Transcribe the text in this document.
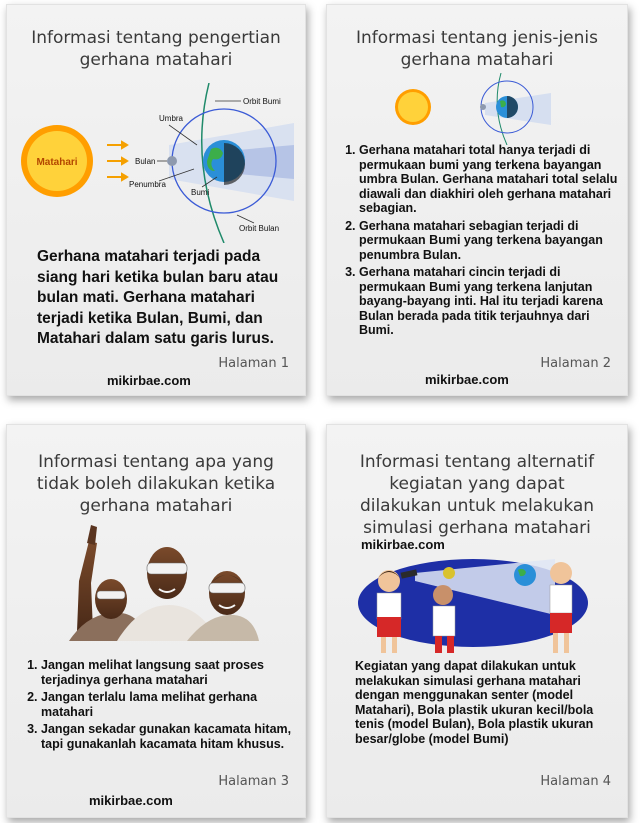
Informasi tentang pengertian
gerhana matahari
Matahari
Umbra
Orbit Bumi
Bulan
Penumbra
Bumi
Orbit Bulan
Gerhana matahari terjadi pada siang hari ketika bulan baru atau bulan mati. Gerhana matahari terjadi ketika Bulan, Bumi, dan Matahari dalam satu garis lurus.
Halaman 1
mikirbae.com
Informasi tentang jenis-jenis
gerhana matahari
1. Gerhana matahari total hanya terjadi di permukaan bumi yang terkena bayangan umbra Bulan. Gerhana matahari total selalu diawali dan diakhiri oleh gerhana matahari sebagian.
2. Gerhana matahari sebagian terjadi di permukaan Bumi yang terkena bayangan penumbra Bulan.
3. Gerhana matahari cincin terjadi di permukaan Bumi yang terkena lanjutan bayang-bayang inti. Hal itu terjadi karena Bulan berada pada titik terjauhnya dari Bumi.
Halaman 2
mikirbae.com
Informasi tentang apa yang
tidak boleh dilakukan ketika
gerhana matahari
1. Jangan melihat langsung saat proses terjadinya gerhana matahari
2. Jangan terlalu lama melihat gerhana matahari
3. Jangan sekadar gunakan kacamata hitam, tapi gunakanlah kacamata hitam khusus.
Halaman 3
mikirbae.com
Informasi tentang alternatif
kegiatan yang dapat
dilakukan untuk melakukan
simulasi gerhana matahari
mikirbae.com
Kegiatan yang dapat dilakukan untuk melakukan simulasi gerhana matahari dengan menggunakan senter (model Matahari), Bola plastik ukuran kecil/bola tenis (model Bulan), Bola plastik ukuran besar/globe (model Bumi)
Halaman 4
